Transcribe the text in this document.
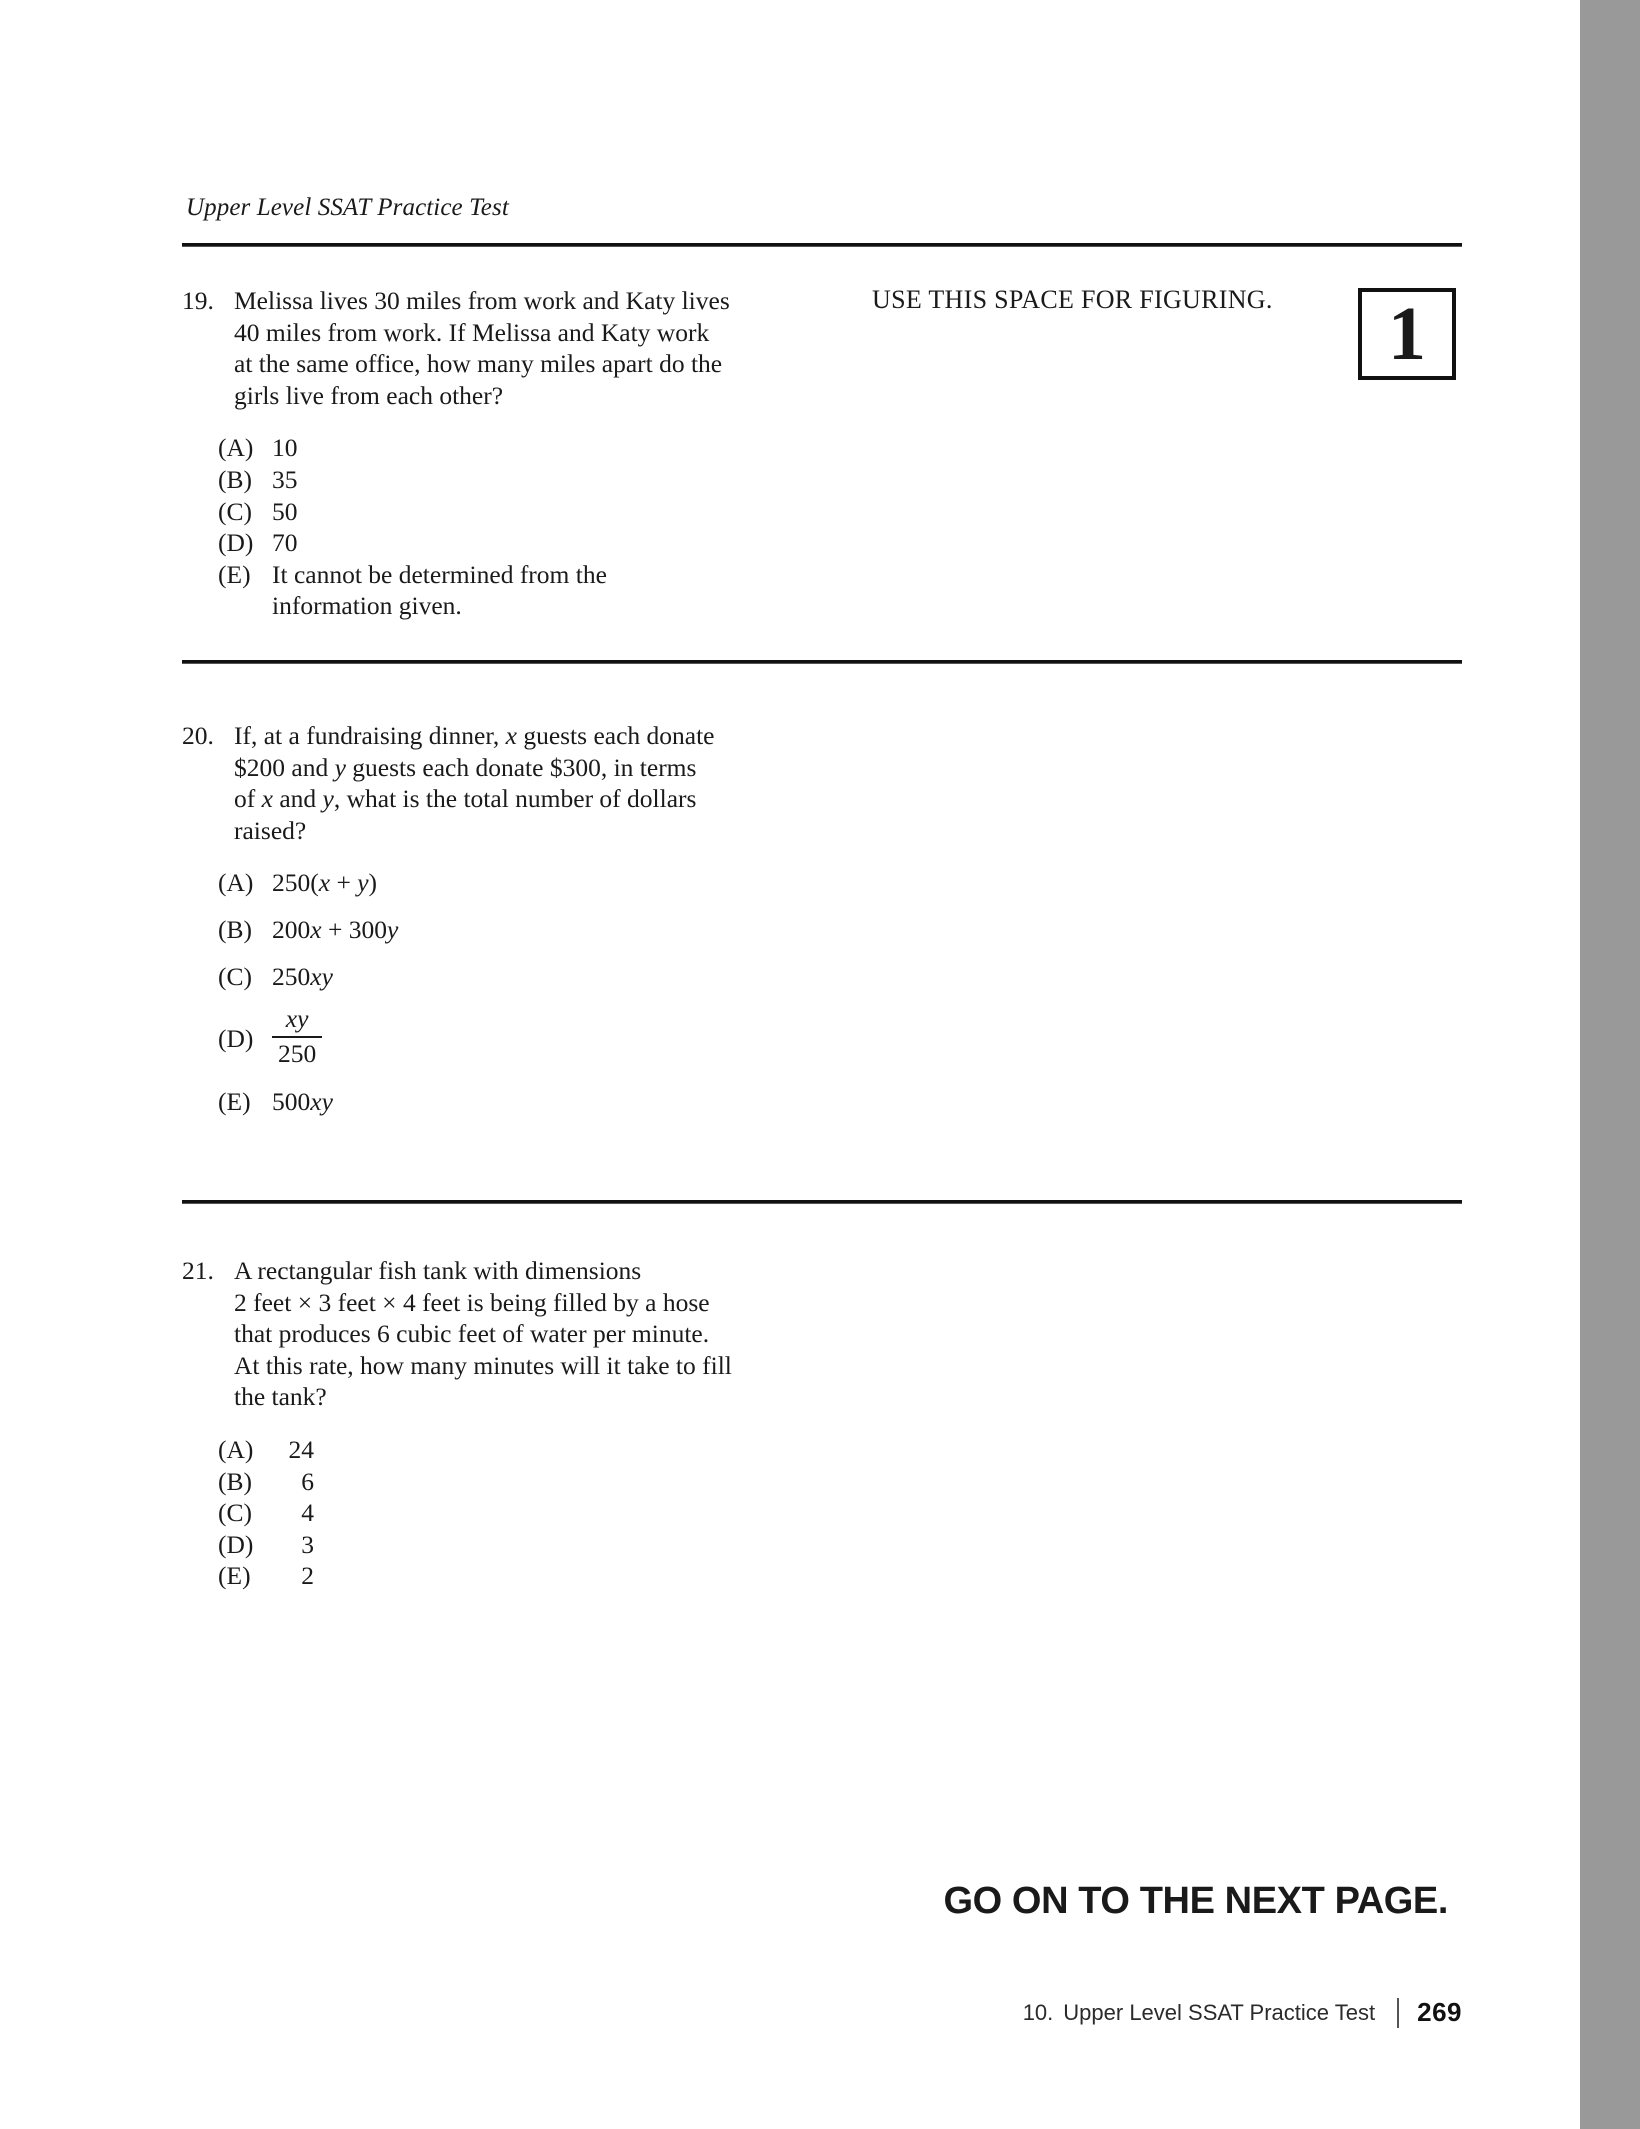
Upper Level SSAT Practice Test
USE THIS SPACE FOR FIGURING.	1
19. Melissa lives 30 miles from work and Katy lives
40 miles from work. If Melissa and Katy work
at the same office, how many miles apart do the
girls live from each other?
(A) 10
(B) 35
(C) 50
(D) 70
(E) It cannot be determined from the
information given.
20. If, at a fundraising dinner, x guests each donate
$200 and y guests each donate $300, in terms
of x and y, what is the total number of dollars
raised?
(A) 250(x + y)
(B) 200x + 300y
(C) 250xy
$(D) \frac{xy}{250}$
(E) 500xy
21. A rectangular fish tank with dimensions
2 feet × 3 feet × 4 feet is being filled by a hose
that produces 6 cubic feet of water per minute.
At this rate, how many minutes will it take to fill
the tank?
(A)	24
(B)	6
(C)	4
(D)	3
(E)	2
GO ON TO THE NEXT PAGE.
10. Upper Level SSAT Practice Test 269
